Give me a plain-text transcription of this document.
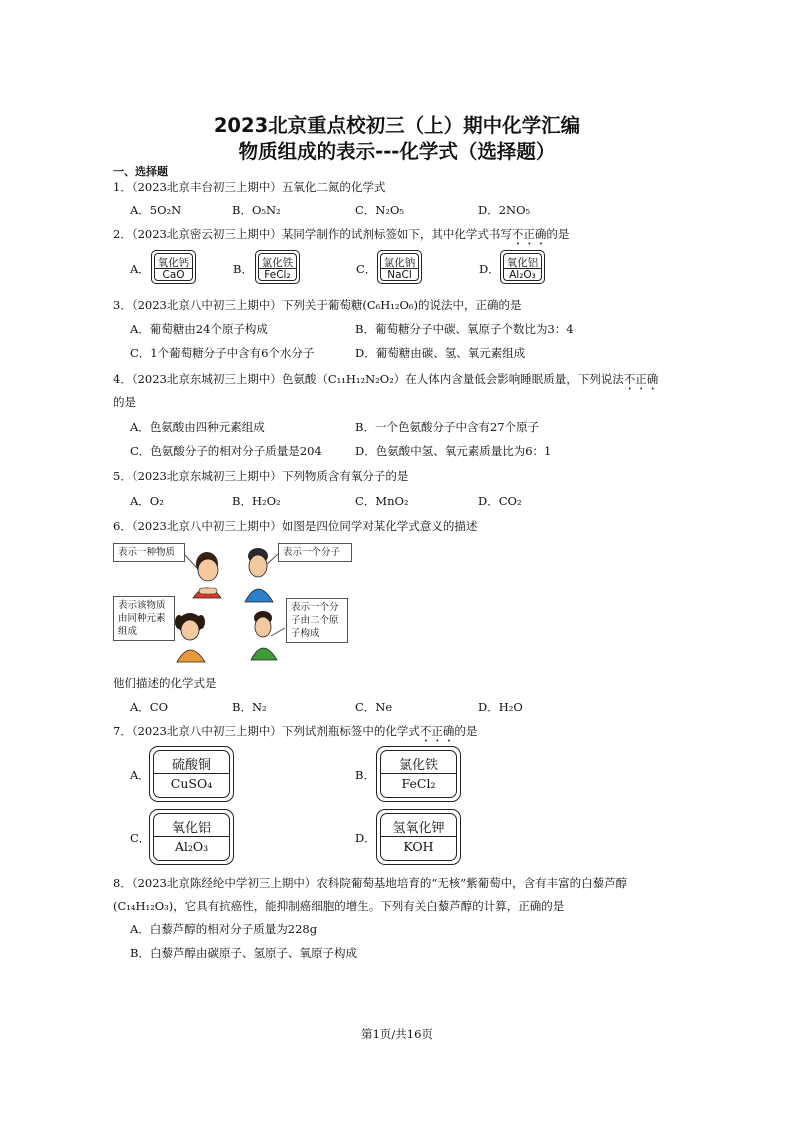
2023北京重点校初三（上）期中化学汇编
物质组成的表示---化学式（选择题）
一、选择题
1．（2023北京丰台初三上期中）五氧化二氮的化学式
A．5O₂N	B．O₅N₂	C．N₂O₅	D．2NO₅
2．（2023北京密云初三上期中）某同学制作的试剂标签如下，其中化学式书写不正确的是
A． 氧化钙
CaO	B． 氯化铁
FeCl₂	C． 氯化钠
NaCl	D． 氧化铝
Al₂O₃
3．（2023北京八中初三上期中）下列关于葡萄糖(C₆H₁₂O₆)的说法中，正确的是
A．葡萄糖由24个原子构成	B．葡萄糖分子中碳、氧原子个数比为3：4
C．1个葡萄糖分子中含有6个水分子	D．葡萄糖由碳、氢、氧元素组成
4．（2023北京东城初三上期中）色氨酸（C₁₁H₁₂N₂O₂）在人体内含量低会影响睡眠质量，下列说法不正确
的是
A．色氨酸由四种元素组成	B．一个色氨酸分子中含有27个原子
C．色氨酸分子的相对分子质量是204	D．色氨酸中氢、氧元素质量比为6：1
5．（2023北京东城初三上期中）下列物质含有氧分子的是
A．O₂	B．H₂O₂	C．MnO₂	D．CO₂
6．（2023北京八中初三上期中）如图是四位同学对某化学式意义的描述
表示一种物质	表示一个分子
表示该物质由同种元素组成
表示一个分子由二个原子构成
他们描述的化学式是
A．CO	B．N₂	C．Ne	D．H₂O
7．（2023北京八中初三上期中）下列试剂瓶标签中的化学式不正确的是
A．
硫酸铜
CuSO₄
B．
氯化铁
FeCl₂
C．
氧化铝
Al₂O₃
D．
氢氧化钾
KOH
8．（2023北京陈经纶中学初三上期中）农科院葡萄基地培育的“无核”紫葡萄中，含有丰富的白藜芦醇
(C₁₄H₁₂O₃)，它具有抗癌性，能抑制癌细胞的增生。下列有关白藜芦醇的计算，正确的是
A．白藜芦醇的相对分子质量为228g
B．白藜芦醇由碳原子、氢原子、氧原子构成
第1页/共16页
